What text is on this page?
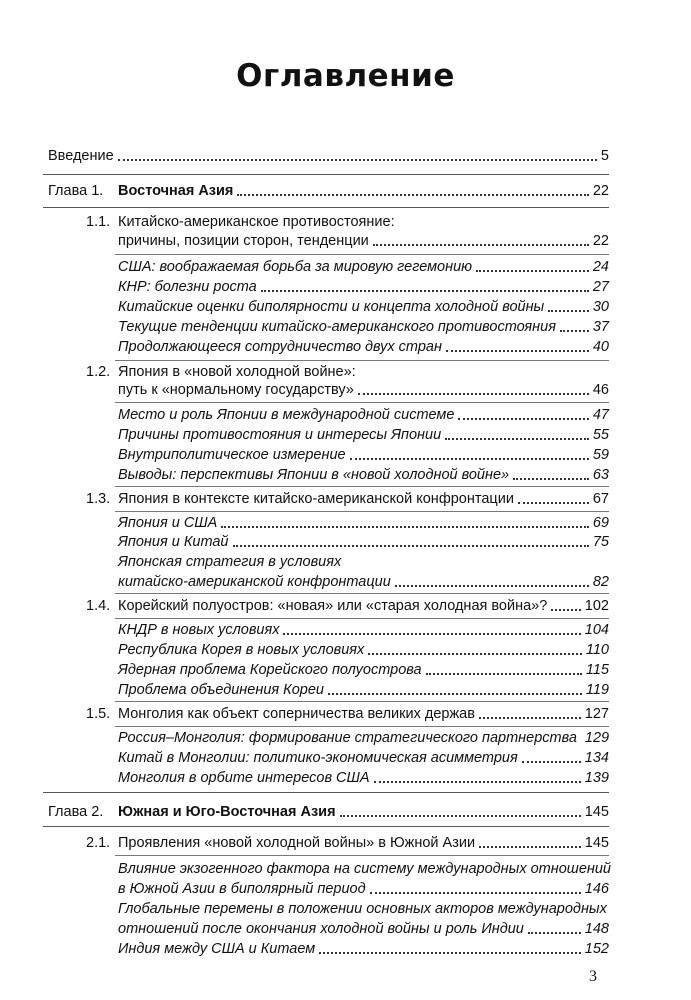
Оглавление
Введение	5
Глава 1. Восточная Азия	22
1.1. Китайско-американское противостояние:
причины, позиции сторон, тенденции	22
США: воображаемая борьба за мировую гегемонию	24
КНР: болезни роста	27
Китайские оценки биполярности и концепта холодной войны	30
Текущие тенденции китайско-американского противостояния	37
Продолжающееся сотрудничество двух стран	40
1.2. Япония в «новой холодной войне»:
путь к «нормальному государству»	46
Место и роль Японии в международной системе	47
Причины противостояния и интересы Японии	55
Внутриполитическое измерение	59
Выводы: перспективы Японии в «новой холодной войне»	63
1.3. Япония в контексте китайско-американской конфронтации	67
Япония и США	69
Япония и Китай	75
Японская стратегия в условиях
китайско-американской конфронтации	82
1.4. Корейский полуостров: «новая» или «старая холодная война»?	102
КНДР в новых условиях	104
Республика Корея в новых условиях	110
Ядерная проблема Корейского полуострова	115
Проблема объединения Кореи	119
1.5. Монголия как объект соперничества великих держав	127
Россия–Монголия: формирование стратегического партнерства 129
Китай в Монголии: политико-экономическая асимметрия	134
Монголия в орбите интересов США	139
Глава 2. Южная и Юго-Восточная Азия	145
2.1. Проявления «новой холодной войны» в Южной Азии	145
Влияние экзогенного фактора на систему международных отношений
в Южной Азии в биполярный период	146
Глобальные перемены в положении основных акторов международных
отношений после окончания холодной войны и роль Индии	148
Индия между США и Китаем	152
3
